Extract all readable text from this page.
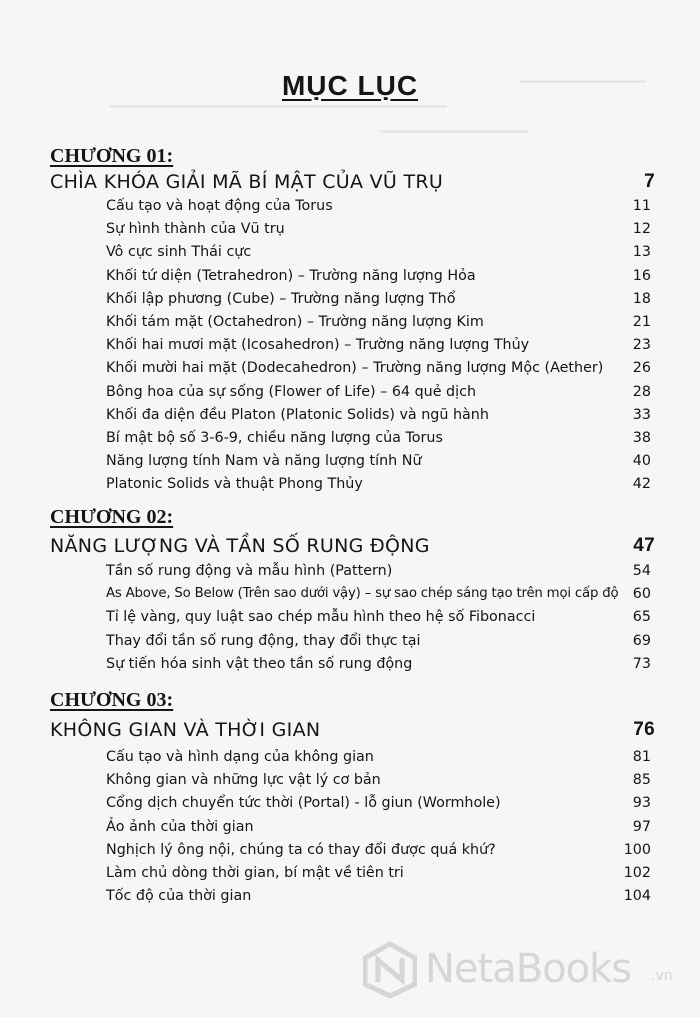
━━━━━━━━━━━━━━━━
━━━━━━━━━━━━━━━━━━━━━━━━━━━━━━━━━━━━━━━━━━━
━━━━━━━━━━━━━━━━━━━
MỤC LỤC
CHƯƠNG 01:
CHÌA KHÓA GIẢI MÃ BÍ MẬT CỦA VŨ TRỤ	7
Cấu tạo và hoạt động của Torus	11
Sự hình thành của Vũ trụ	12
Vô cực sinh Thái cực	13
Khối tứ diện (Tetrahedron) – Trường năng lượng Hỏa	16
Khối lập phương (Cube) – Trường năng lượng Thổ	18
Khối tám mặt (Octahedron) – Trường năng lượng Kim	21
Khối hai mươi mặt (Icosahedron) – Trường năng lượng Thủy	23
Khối mười hai mặt (Dodecahedron) – Trường năng lượng Mộc (Aether) 26
Bông hoa của sự sống (Flower of Life) – 64 quẻ dịch	28
Khối đa diện đều Platon (Platonic Solids) và ngũ hành	33
Bí mật bộ số 3-6-9, chiều năng lượng của Torus	38
Năng lượng tính Nam và năng lượng tính Nữ	40
Platonic Solids và thuật Phong Thủy	42
CHƯƠNG 02:
NĂNG LƯỢNG VÀ TẦN SỐ RUNG ĐỘNG	47
Tần số rung động và mẫu hình (Pattern)	54
As Above, So Below (Trên sao dưới vậy) – sự sao chép sáng tạo trên mọi cấp độ 60
Tỉ lệ vàng, quy luật sao chép mẫu hình theo hệ số Fibonacci	65
Thay đổi tần số rung động, thay đổi thực tại	69
Sự tiến hóa sinh vật theo tần số rung động	73
CHƯƠNG 03:
KHÔNG GIAN VÀ THỜI GIAN	76
Cấu tạo và hình dạng của không gian	81
Không gian và những lực vật lý cơ bản	85
Cổng dịch chuyển tức thời (Portal) - lỗ giun (Wormhole)	93
Ảo ảnh của thời gian	97
Nghịch lý ông nội, chúng ta có thay đổi được quá khứ?	100
Làm chủ dòng thời gian, bí mật về tiên tri	102
Tốc độ của thời gian	104
NetaBooks .vn
